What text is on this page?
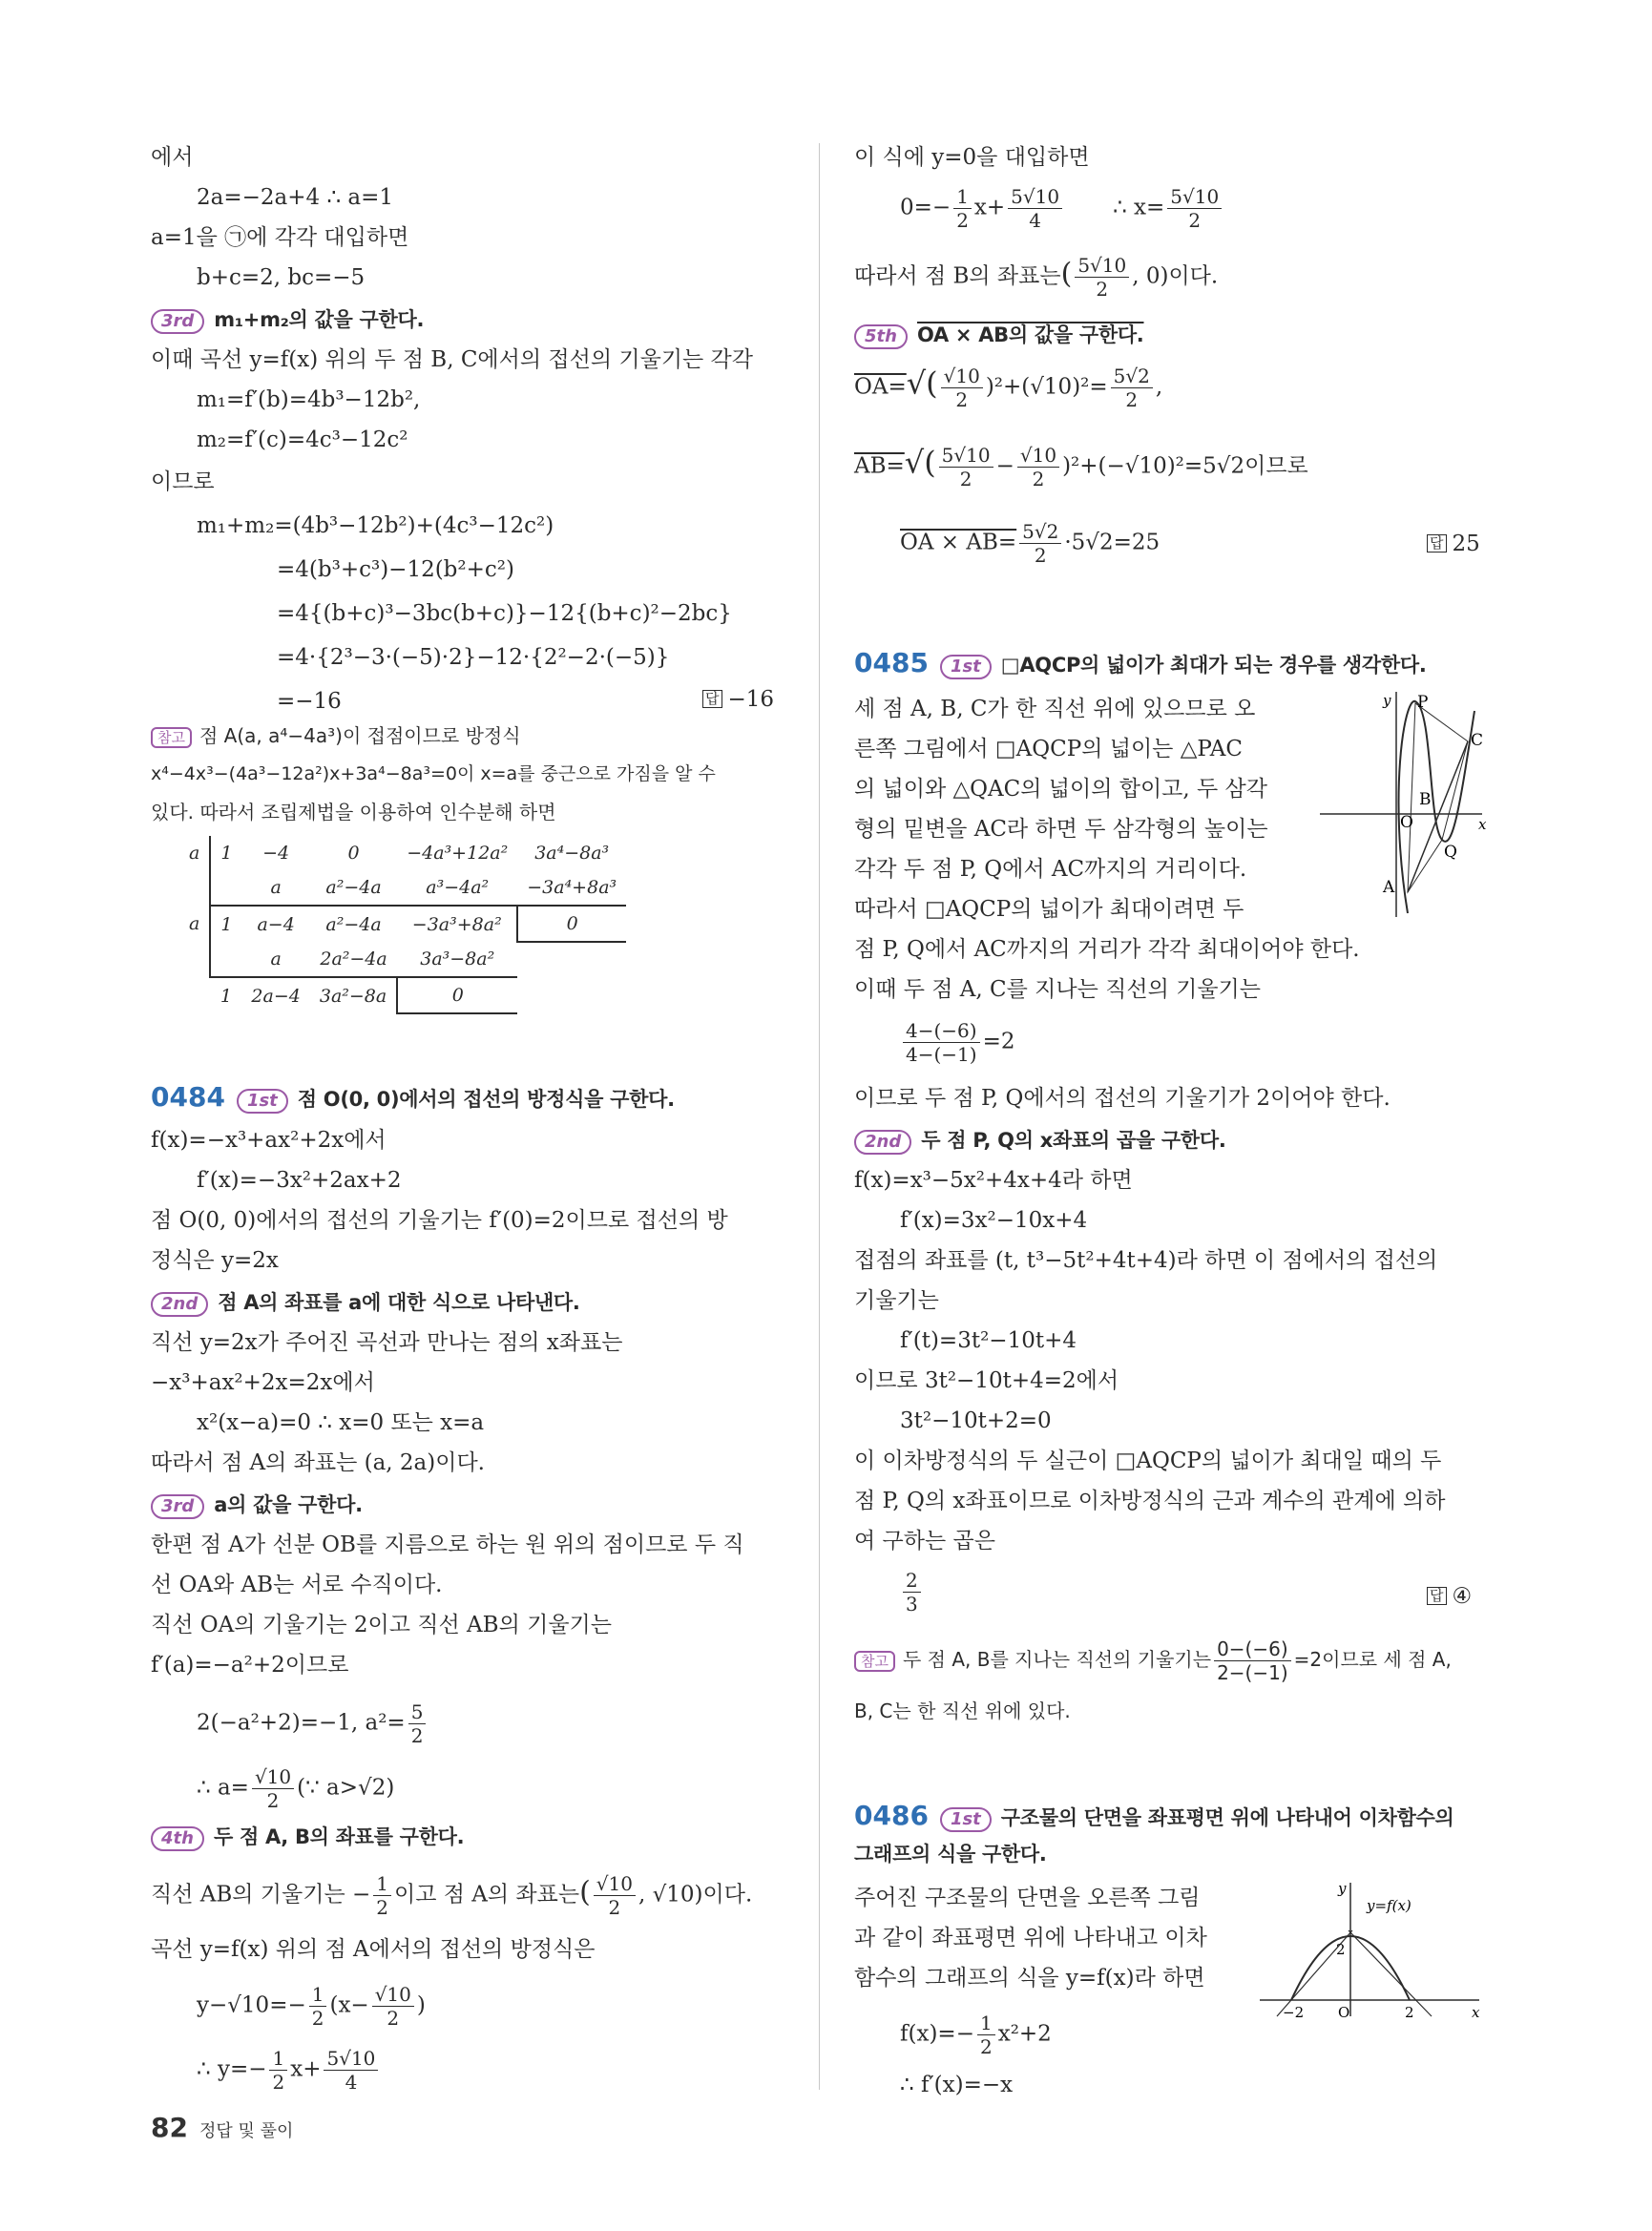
에서
2a=−2a+4 ∴ a=1
a=1을 ㉠에 각각 대입하면
b+c=2, bc=−5
3rd m₁+m₂의 값을 구한다.
이때 곡선 y=f(x) 위의 두 점 B, C에서의 접선의 기울기는 각각
m₁=f′(b)=4b³−12b²,
m₂=f′(c)=4c³−12c²
이므로
m₁+m₂=(4b³−12b²)+(4c³−12c²)
=4(b³+c³)−12(b²+c²)
=4{(b+c)³−3bc(b+c)}−12{(b+c)²−2bc}
=4·{2³−3·(−5)·2}−12·{2²−2·(−5)}
=−16	답 −16
참고 점 A(a, a⁴−4a³)이 접점이므로 방정식
x⁴−4x³−(4a³−12a²)x+3a⁴−8a³=0이 x=a를 중근으로 가짐을 알 수
있다. 따라서 조립제법을 이용하여 인수분해 하면
a	1	−4	0	−4a³+12a²	3a⁴−8a³
		a	a²−4a	a³−4a²	−3a⁴+8a³
a	1	a−4	a²−4a	−3a³+8a²	0
		a	2a²−4a	3a³−8a²	
	1	2a−4	3a²−8a	0	
0484 1st 점 O(0, 0)에서의 접선의 방정식을 구한다.
f(x)=−x³+ax²+2x에서
f′(x)=−3x²+2ax+2
점 O(0, 0)에서의 접선의 기울기는 f′(0)=2이므로 접선의 방
정식은 y=2x
2nd 점 A의 좌표를 a에 대한 식으로 나타낸다.
직선 y=2x가 주어진 곡선과 만나는 점의 x좌표는
−x³+ax²+2x=2x에서
x²(x−a)=0 ∴ x=0 또는 x=a
따라서 점 A의 좌표는 (a, 2a)이다.
3rd a의 값을 구한다.
한편 점 A가 선분 OB를 지름으로 하는 원 위의 점이므로 두 직
선 OA와 AB는 서로 수직이다.
직선 OA의 기울기는 2이고 직선 AB의 기울기는
f′(a)=−a²+2이므로
2(−a²+2)=−1, $a^2= \frac{5}{2}$
∴ $a= \frac{√10}{2}$ (∵ a>√2)
4th 두 점 A, B의 좌표를 구한다.
직선 AB의 기울기는 − $\frac{1}{2}$ 이고 점 A의 좌표는( $\frac{√10}{2}$ , √10)이다.
곡선 y=f(x) 위의 점 A에서의 접선의 방정식은
$y-√10=- \frac{1}{2} (x- \frac{√10}{2}$ )
∴ $y=- \frac{1}{2} x+ \frac{5√10}{4}$
이 식에 y=0을 대입하면
$0=- \frac{1}{2} x+ \frac{5√10}{4}$ ∴ $x= \frac{5√10}{2}$
따라서 점 B의 좌표는( $\frac{5√10}{2}$ , 0)이다.
5th OA × AB의 값을 구한다.
$OA=√( \frac{√10}{2} )^2+(√10)^2= \frac{5√2}{2}$ ,
$AB=√( \frac{5√10}{2} - \frac{√10}{2} )^2+(-√10)^2=5√2$이므로
OA × $AB= \frac{5√2}{2} \cdot 5√2=25$	답 25
0485 1st □AQCP의 넓이가 최대가 되는 경우를 생각한다.
세 점 A, B, C가 한 직선 위에 있으므로 오
른쪽 그림에서 □AQCP의 넓이는 △PAC
의 넓이와 △QAC의 넓이의 합이고, 두 삼각
형의 밑변을 AC라 하면 두 삼각형의 높이는
각각 두 점 P, Q에서 AC까지의 거리이다.
따라서 □AQCP의 넓이가 최대이려면 두
점 P, Q에서 AC까지의 거리가 각각 최대이어야 한다.
이때 두 점 A, C를 지나는 직선의 기울기는
$\frac{4-(-6)}{4-(-1)} =2$
이므로 두 점 P, Q에서의 접선의 기울기가 2이어야 한다.
2nd 두 점 P, Q의 x좌표의 곱을 구한다.
f(x)=x³−5x²+4x+4라 하면
f′(x)=3x²−10x+4
접점의 좌표를 (t, t³−5t²+4t+4)라 하면 이 점에서의 접선의
기울기는
f′(t)=3t²−10t+4
이므로 3t²−10t+4=2에서
3t²−10t+2=0
이 이차방정식의 두 실근이 □AQCP의 넓이가 최대일 때의 두
점 P, Q의 x좌표이므로 이차방정식의 근과 계수의 관계에 의하
여 구하는 곱은
$\frac{2}{3}$	답 ④
참고 두 점 A, B를 지나는 직선의 기울기는 $\frac{0-(-6)}{2-(-1)} =2$이므로 세 점 A,
B, C는 한 직선 위에 있다.
y
x
P
C
B
O
Q
A
0486 1st 구조물의 단면을 좌표평면 위에 나타내어 이차함수의
그래프의 식을 구한다.
주어진 구조물의 단면을 오른쪽 그림
과 같이 좌표평면 위에 나타내고 이차
함수의 그래프의 식을 y=f(x)라 하면
$f(x)=- \frac{1}{2} x^2+2$
∴ f′(x)=−x
y
y=f(x)
2
−2 O	2	x
82 정답 및 풀이
